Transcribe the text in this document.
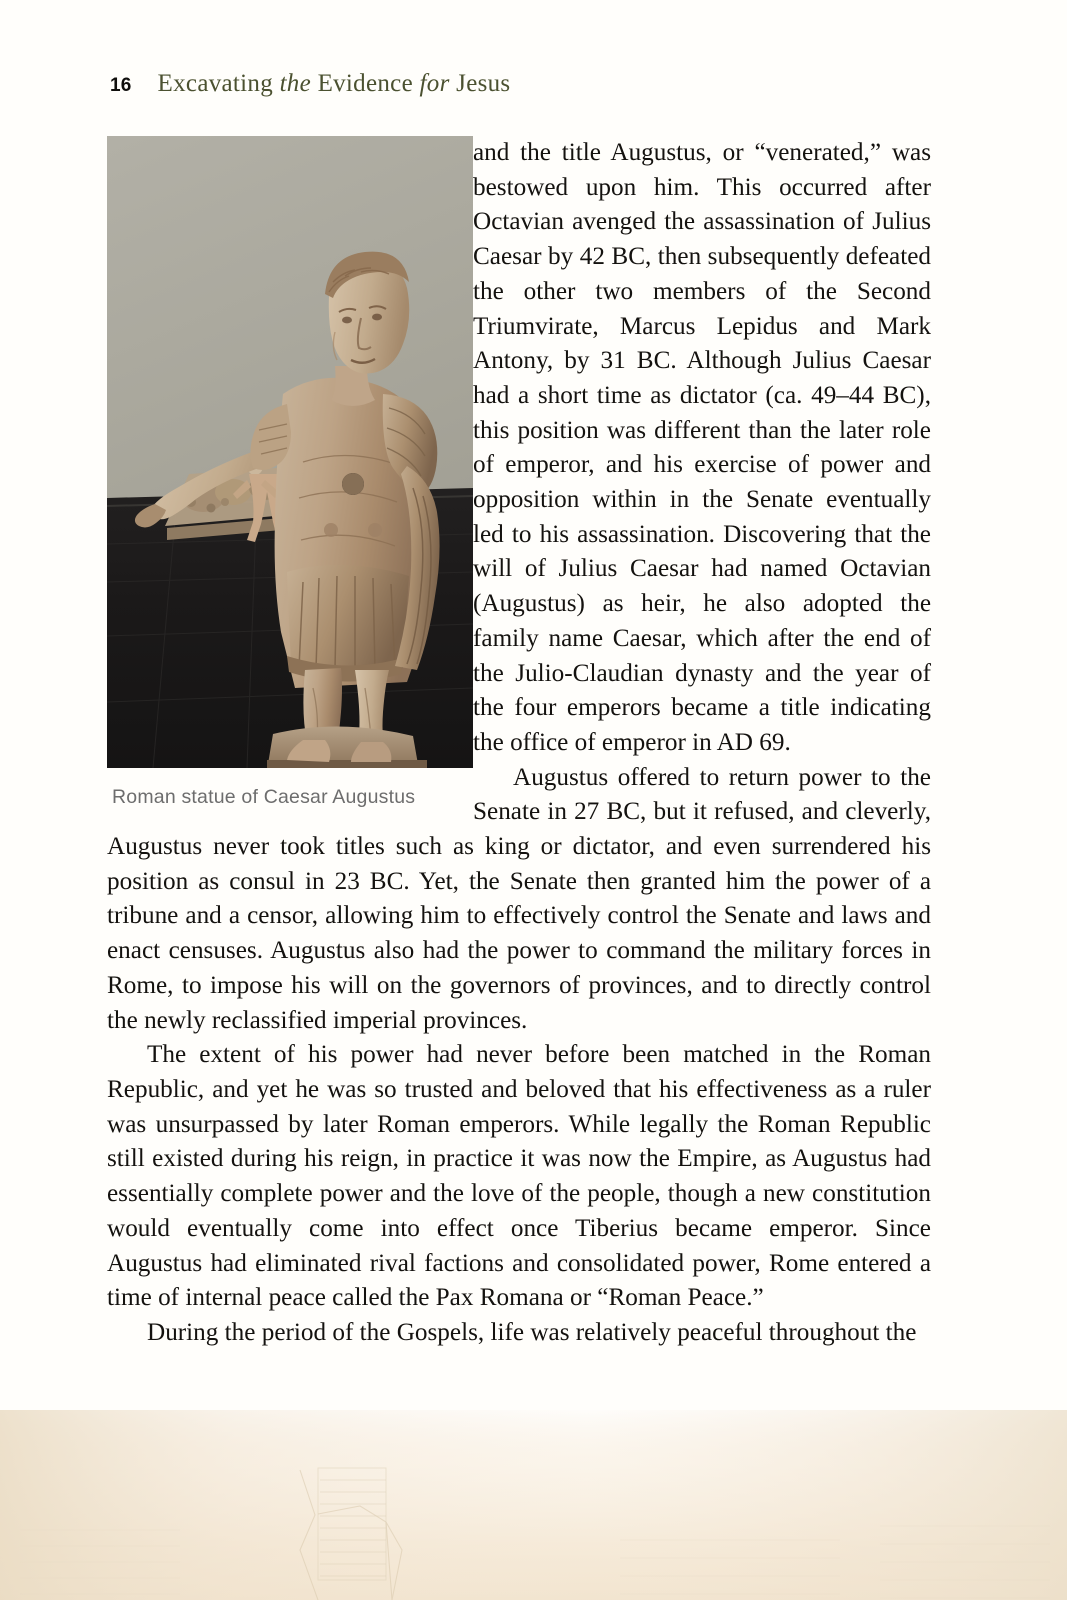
16 Excavating the Evidence for Jesus
Roman statue of Caesar Augustus

and the title Augustus, or “venerated,” was bestowed upon him. This occurred after Octavian avenged the assassination of Julius Caesar by 42 BC, then subsequently defeated the other two members of the Second Triumvirate, Marcus Lepidus and Mark Antony, by 31 BC. Although Julius Caesar had a short time as dictator (ca. 49–44 BC), this position was different than the later role of emperor, and his exercise of power and opposition within in the Senate eventually led to his assassination. Discovering that the will of Julius Caesar had named Octavian (Augustus) as heir, he also adopted the family name Caesar, which after the end of the Julio-Claudian dynasty and the year of the four emperors became a title indicating the office of emperor in AD 69.

Augustus offered to return power to the Senate in 27 BC, but it refused, and cleverly, Augustus never took titles such as king or dictator, and even surrendered his position as consul in 23 BC. Yet, the Senate then granted him the power of a tribune and a censor, allowing him to effectively control the Senate and laws and enact censuses. Augustus also had the power to command the military forces in Rome, to impose his will on the governors of provinces, and to directly control the newly reclassified imperial provinces.

The extent of his power had never before been matched in the Roman Republic, and yet he was so trusted and beloved that his effectiveness as a ruler was unsurpassed by later Roman emperors. While legally the Roman Republic still existed during his reign, in practice it was now the Empire, as Augustus had essentially complete power and the love of the people, though a new constitution would eventually come into effect once Tiberius became emperor. Since Augustus had eliminated rival factions and consolidated power, Rome entered a time of internal peace called the Pax Romana or “Roman Peace.”

During the period of the Gospels, life was relatively peaceful throughout the
